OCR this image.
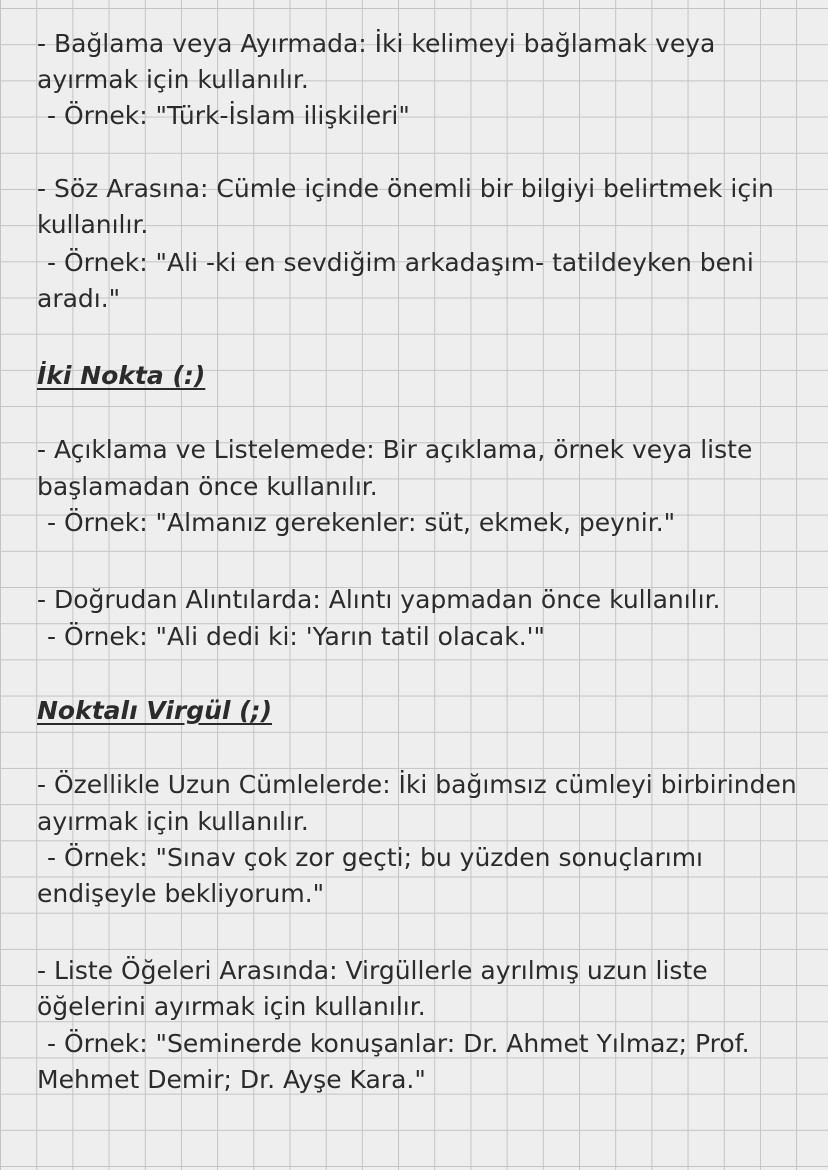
- Bağlama veya Ayırmada: İki kelimeyi bağlamak veya
ayırmak için kullanılır.
- Örnek: "Türk-İslam ilişkileri"
- Söz Arasına: Cümle içinde önemli bir bilgiyi belirtmek için
kullanılır.
- Örnek: "Ali -ki en sevdiğim arkadaşım- tatildeyken beni
aradı."
İki Nokta (:)
- Açıklama ve Listelemede: Bir açıklama, örnek veya liste
başlamadan önce kullanılır.
- Örnek: "Almanız gerekenler: süt, ekmek, peynir."
- Doğrudan Alıntılarda: Alıntı yapmadan önce kullanılır.
- Örnek: "Ali dedi ki: 'Yarın tatil olacak.'"
Noktalı Virgül (;)
- Özellikle Uzun Cümlelerde: İki bağımsız cümleyi birbirinden
ayırmak için kullanılır.
- Örnek: "Sınav çok zor geçti; bu yüzden sonuçlarımı
endişeyle bekliyorum."
- Liste Öğeleri Arasında: Virgüllerle ayrılmış uzun liste
öğelerini ayırmak için kullanılır.
- Örnek: "Seminerde konuşanlar: Dr. Ahmet Yılmaz; Prof.
Mehmet Demir; Dr. Ayşe Kara."
